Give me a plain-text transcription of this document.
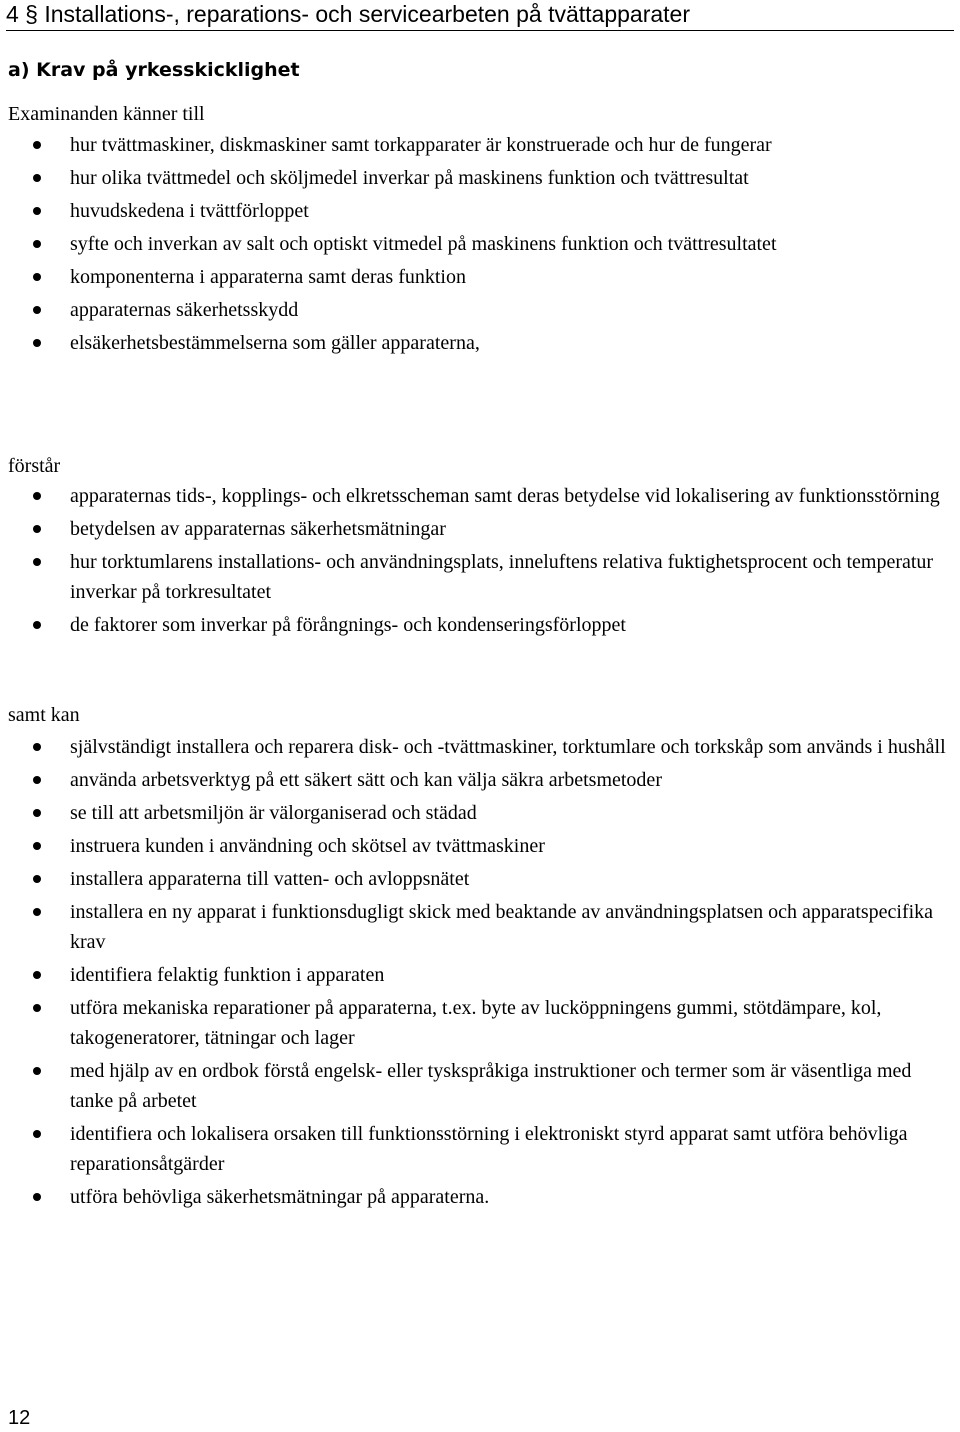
4 § Installations-, reparations- och servicearbeten på tvättapparater
a) Krav på yrkesskicklighet
Examinanden känner till
hur tvättmaskiner, diskmaskiner samt torkapparater är konstruerade och hur de fungerar
hur olika tvättmedel och sköljmedel inverkar på maskinens funktion och tvättresultat
huvudskedena i tvättförloppet
syfte och inverkan av salt och optiskt vitmedel på maskinens funktion och tvättresultatet
komponenterna i apparaterna samt deras funktion
apparaternas säkerhetsskydd
elsäkerhetsbestämmelserna som gäller apparaterna,
förstår
apparaternas tids-, kopplings- och elkretsscheman samt deras betydelse vid lokalisering av funktionsstörning
betydelsen av apparaternas säkerhetsmätningar
hur torktumlarens installations- och användningsplats, inneluftens relativa fuktighetsprocent och temperatur inverkar på torkresultatet
de faktorer som inverkar på förångnings- och kondenseringsförloppet
samt kan
självständigt installera och reparera disk- och -tvättmaskiner, torktumlare och torkskåp som används i hushåll
använda arbetsverktyg på ett säkert sätt och kan välja säkra arbetsmetoder
se till att arbetsmiljön är välorganiserad och städad
instruera kunden i användning och skötsel av tvättmaskiner
installera apparaterna till vatten- och avloppsnätet
installera en ny apparat i funktionsdugligt skick med beaktande av användningsplatsen och apparatspecifika krav
identifiera felaktig funktion i apparaten
utföra mekaniska reparationer på apparaterna, t.ex. byte av lucköppningens gummi, stötdämpare, kol, takogeneratorer, tätningar och lager
med hjälp av en ordbok förstå engelsk- eller tyskspråkiga instruktioner och termer som är väsentliga med tanke på arbetet
identifiera och lokalisera orsaken till funktionsstörning i elektroniskt styrd apparat samt utföra behövliga reparationsåtgärder
utföra behövliga säkerhetsmätningar på apparaterna.
12
